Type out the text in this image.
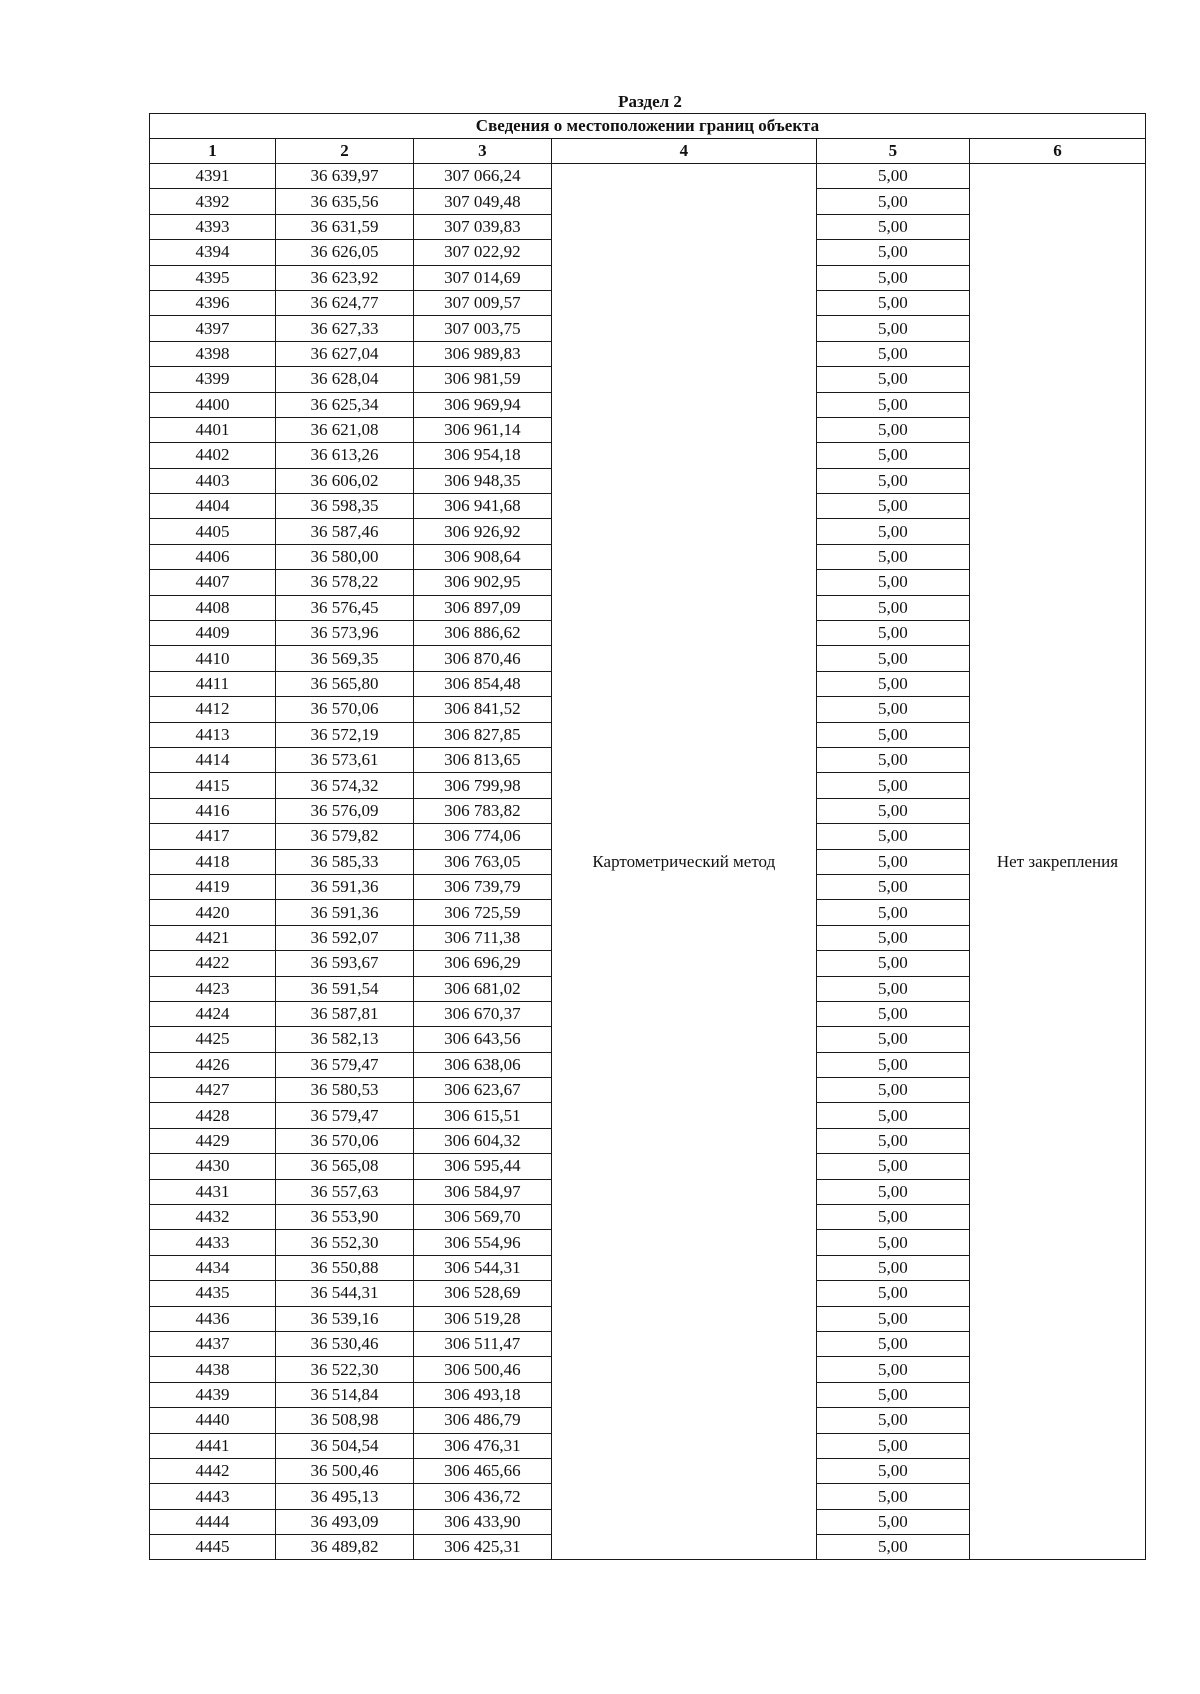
Раздел 2
Сведения о местоположении границ объекта					
1	2	3	4	5	6
4391	36 639,97	307 066,24	Картометрический метод	5,00	Нет закрепления
4392	36 635,56	307 049,48		5,00	
4393	36 631,59	307 039,83		5,00	
4394	36 626,05	307 022,92		5,00	
4395	36 623,92	307 014,69		5,00	
4396	36 624,77	307 009,57		5,00	
4397	36 627,33	307 003,75		5,00	
4398	36 627,04	306 989,83		5,00	
4399	36 628,04	306 981,59		5,00	
4400	36 625,34	306 969,94		5,00	
4401	36 621,08	306 961,14		5,00	
4402	36 613,26	306 954,18		5,00	
4403	36 606,02	306 948,35		5,00	
4404	36 598,35	306 941,68		5,00	
4405	36 587,46	306 926,92		5,00	
4406	36 580,00	306 908,64		5,00	
4407	36 578,22	306 902,95		5,00	
4408	36 576,45	306 897,09		5,00	
4409	36 573,96	306 886,62		5,00	
4410	36 569,35	306 870,46		5,00	
4411	36 565,80	306 854,48		5,00	
4412	36 570,06	306 841,52		5,00	
4413	36 572,19	306 827,85		5,00	
4414	36 573,61	306 813,65		5,00	
4415	36 574,32	306 799,98		5,00	
4416	36 576,09	306 783,82		5,00	
4417	36 579,82	306 774,06		5,00	
4418	36 585,33	306 763,05		5,00	
4419	36 591,36	306 739,79		5,00	
4420	36 591,36	306 725,59		5,00	
4421	36 592,07	306 711,38		5,00	
4422	36 593,67	306 696,29		5,00	
4423	36 591,54	306 681,02		5,00	
4424	36 587,81	306 670,37		5,00	
4425	36 582,13	306 643,56		5,00	
4426	36 579,47	306 638,06		5,00	
4427	36 580,53	306 623,67		5,00	
4428	36 579,47	306 615,51		5,00	
4429	36 570,06	306 604,32		5,00	
4430	36 565,08	306 595,44		5,00	
4431	36 557,63	306 584,97		5,00	
4432	36 553,90	306 569,70		5,00	
4433	36 552,30	306 554,96		5,00	
4434	36 550,88	306 544,31		5,00	
4435	36 544,31	306 528,69		5,00	
4436	36 539,16	306 519,28		5,00	
4437	36 530,46	306 511,47		5,00	
4438	36 522,30	306 500,46		5,00	
4439	36 514,84	306 493,18		5,00	
4440	36 508,98	306 486,79		5,00	
4441	36 504,54	306 476,31		5,00	
4442	36 500,46	306 465,66		5,00	
4443	36 495,13	306 436,72		5,00	
4444	36 493,09	306 433,90		5,00	
4445	36 489,82	306 425,31		5,00	
